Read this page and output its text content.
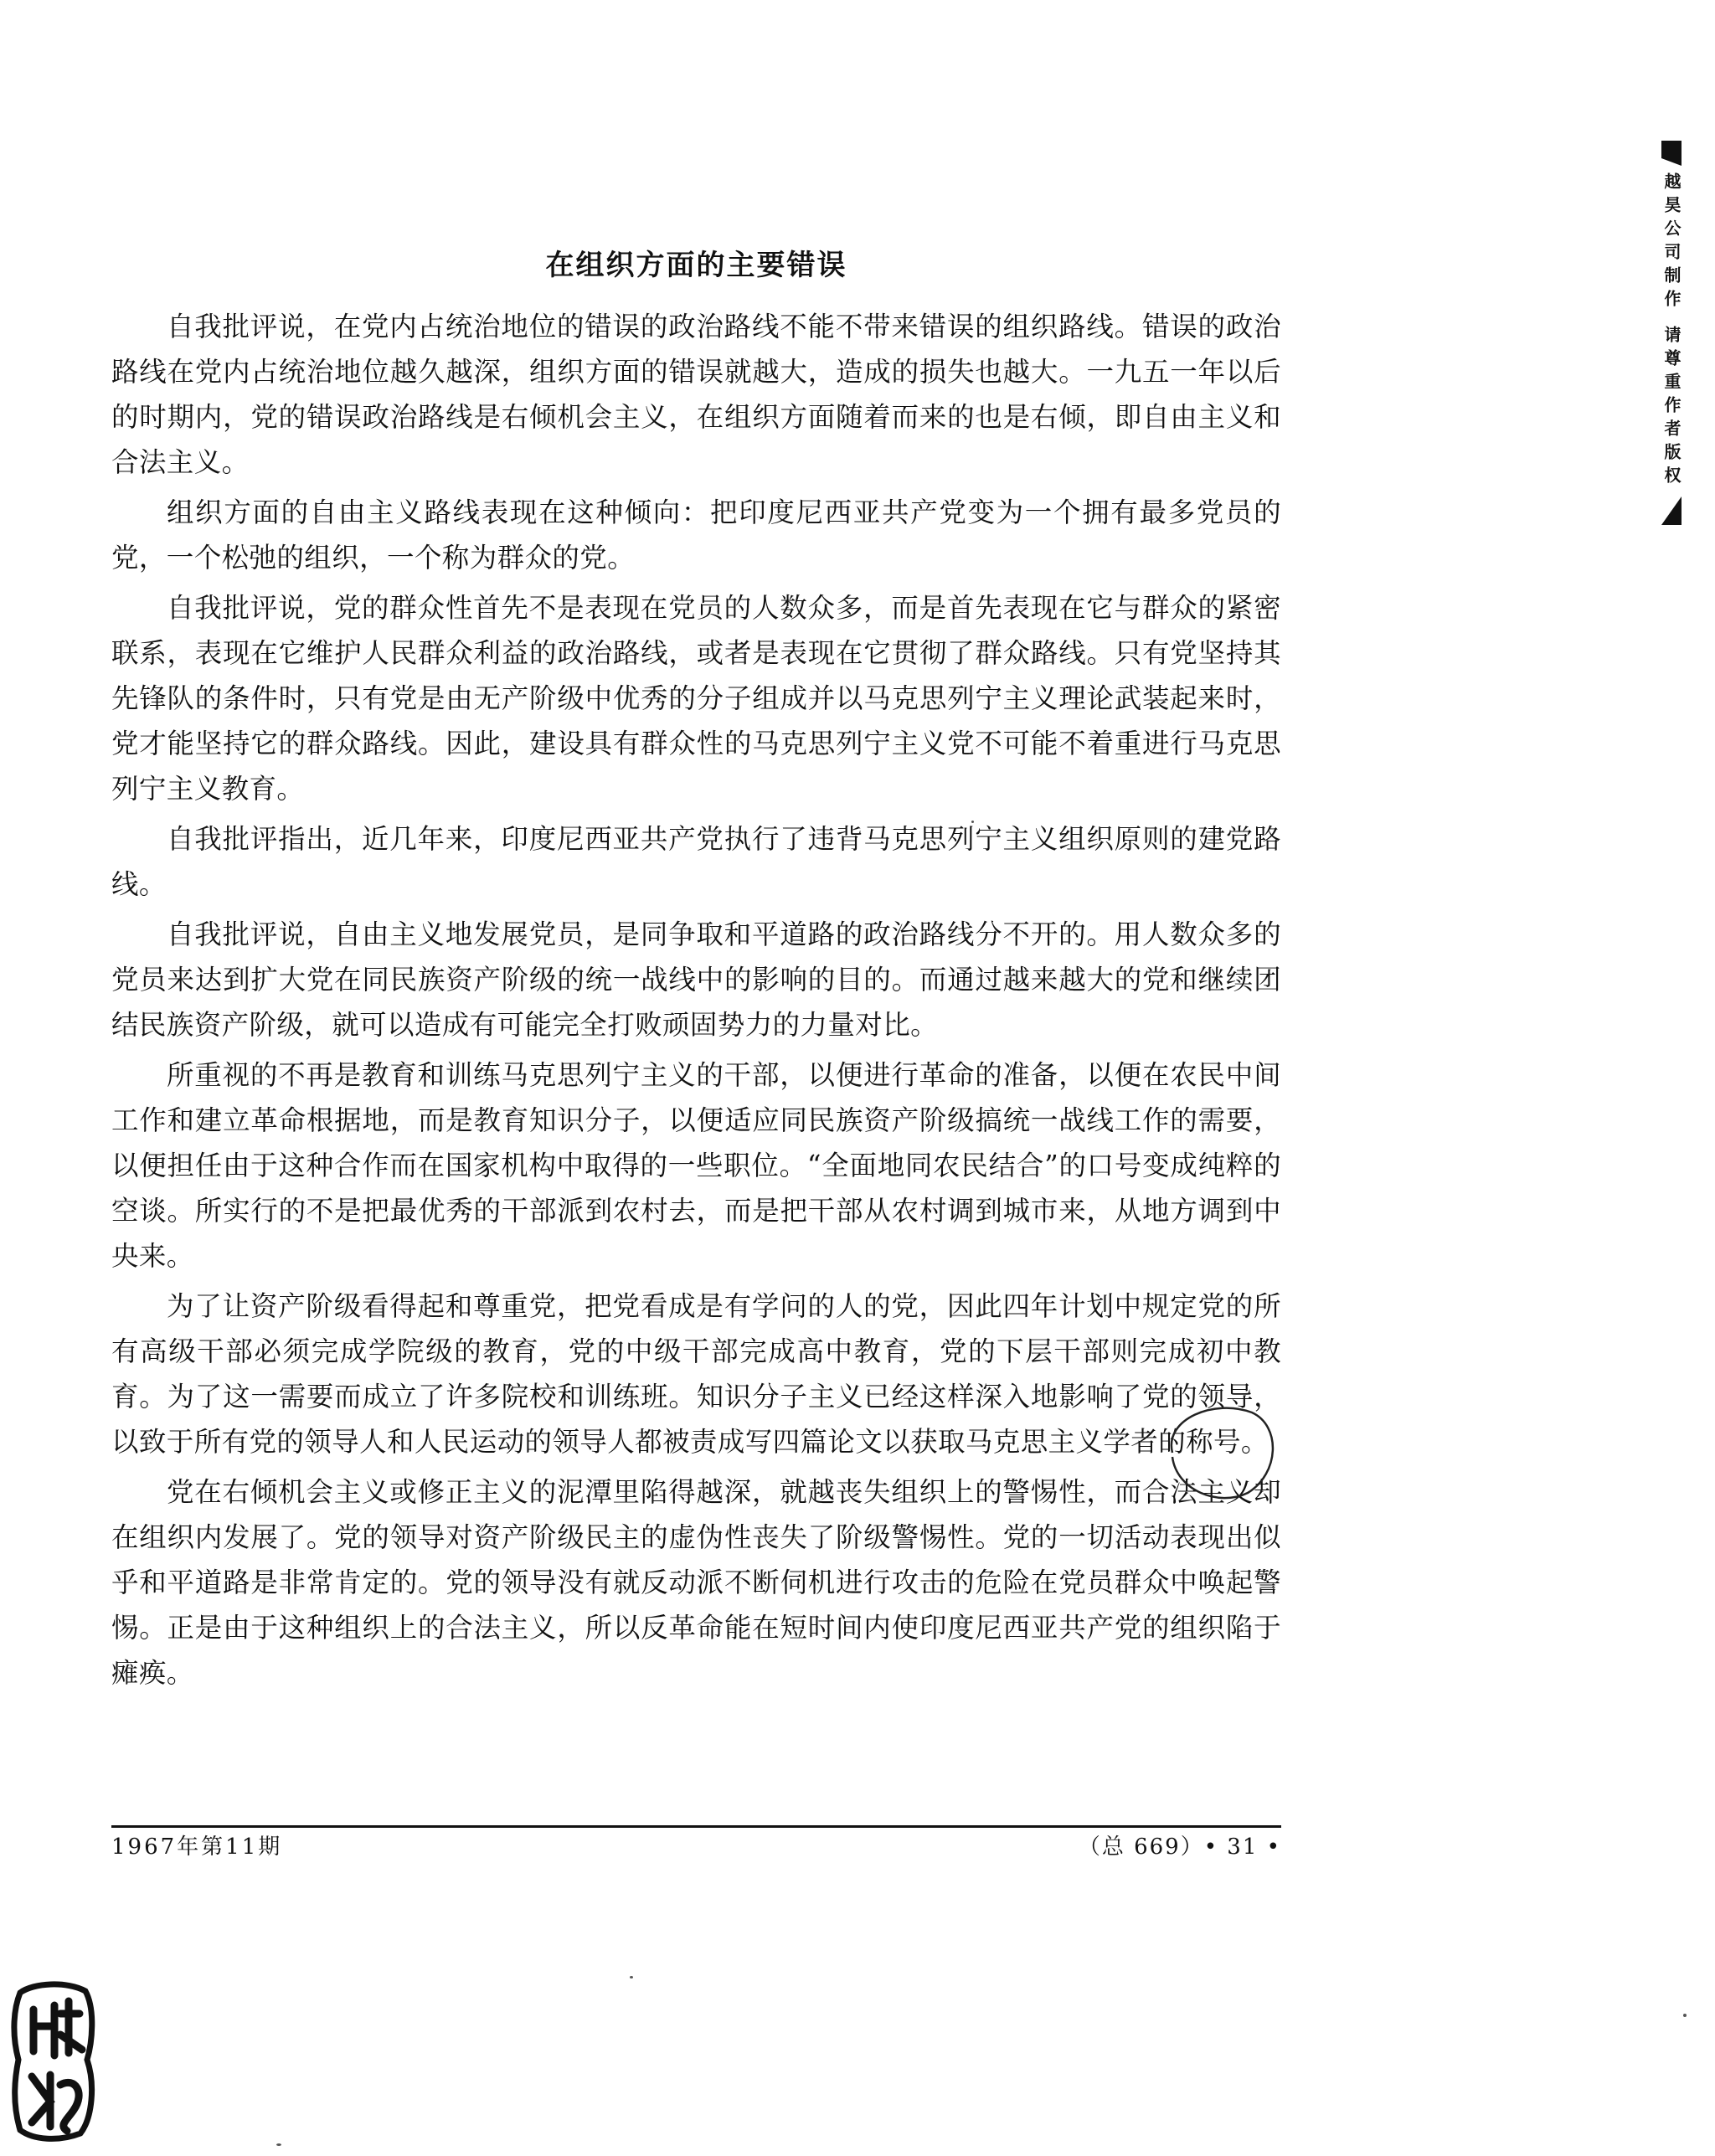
越昊公司制作 请尊重作者版权
在组织方面的主要错误

自我批评说，在党内占统治地位的错误的政治路线不能不带来错误的组织路线。错误的政治路线在党内占统治地位越久越深，组织方面的错误就越大，造成的损失也越大。一九五一年以后的时期内，党的错误政治路线是右倾机会主义，在组织方面随着而来的也是右倾，即自由主义和合法主义。

组织方面的自由主义路线表现在这种倾向：把印度尼西亚共产党变为一个拥有最多党员的党，一个松弛的组织，一个称为群众的党。

自我批评说，党的群众性首先不是表现在党员的人数众多，而是首先表现在它与群众的紧密联系，表现在它维护人民群众利益的政治路线，或者是表现在它贯彻了群众路线。只有党坚持其先锋队的条件时，只有党是由无产阶级中优秀的分子组成并以马克思列宁主义理论武装起来时，党才能坚持它的群众路线。因此，建设具有群众性的马克思列宁主义党不可能不着重进行马克思列宁主义教育。

自我批评指出，近几年来，印度尼西亚共产党执行了违背马克思列宁主义组织原则的建党路线。

自我批评说，自由主义地发展党员，是同争取和平道路的政治路线分不开的。用人数众多的党员来达到扩大党在同民族资产阶级的统一战线中的影响的目的。而通过越来越大的党和继续团结民族资产阶级，就可以造成有可能完全打败顽固势力的力量对比。

所重视的不再是教育和训练马克思列宁主义的干部，以便进行革命的准备，以便在农民中间工作和建立革命根据地，而是教育知识分子，以便适应同民族资产阶级搞统一战线工作的需要，以便担任由于这种合作而在国家机构中取得的一些职位。“全面地同农民结合”的口号变成纯粹的空谈。所实行的不是把最优秀的干部派到农村去，而是把干部从农村调到城市来，从地方调到中央来。

为了让资产阶级看得起和尊重党，把党看成是有学问的人的党，因此四年计划中规定党的所有高级干部必须完成学院级的教育，党的中级干部完成高中教育，党的下层干部则完成初中教育。为了这一需要而成立了许多院校和训练班。知识分子主义已经这样深入地影响了党的领导，以致于所有党的领导人和人民运动的领导人都被责成写四篇论文以获取马克思主义学者的称号。

党在右倾机会主义或修正主义的泥潭里陷得越深，就越丧失组织上的警惕性，而合法主义却在组织内发展了。党的领导对资产阶级民主的虚伪性丧失了阶级警惕性。党的一切活动表现出似乎和平道路是非常肯定的。党的领导没有就反动派不断伺机进行攻击的危险在党员群众中唤起警惕。正是由于这种组织上的合法主义，所以反革命能在短时间内使印度尼西亚共产党的组织陷于瘫痪。

1967年第11期	（总 669）• 31 •
